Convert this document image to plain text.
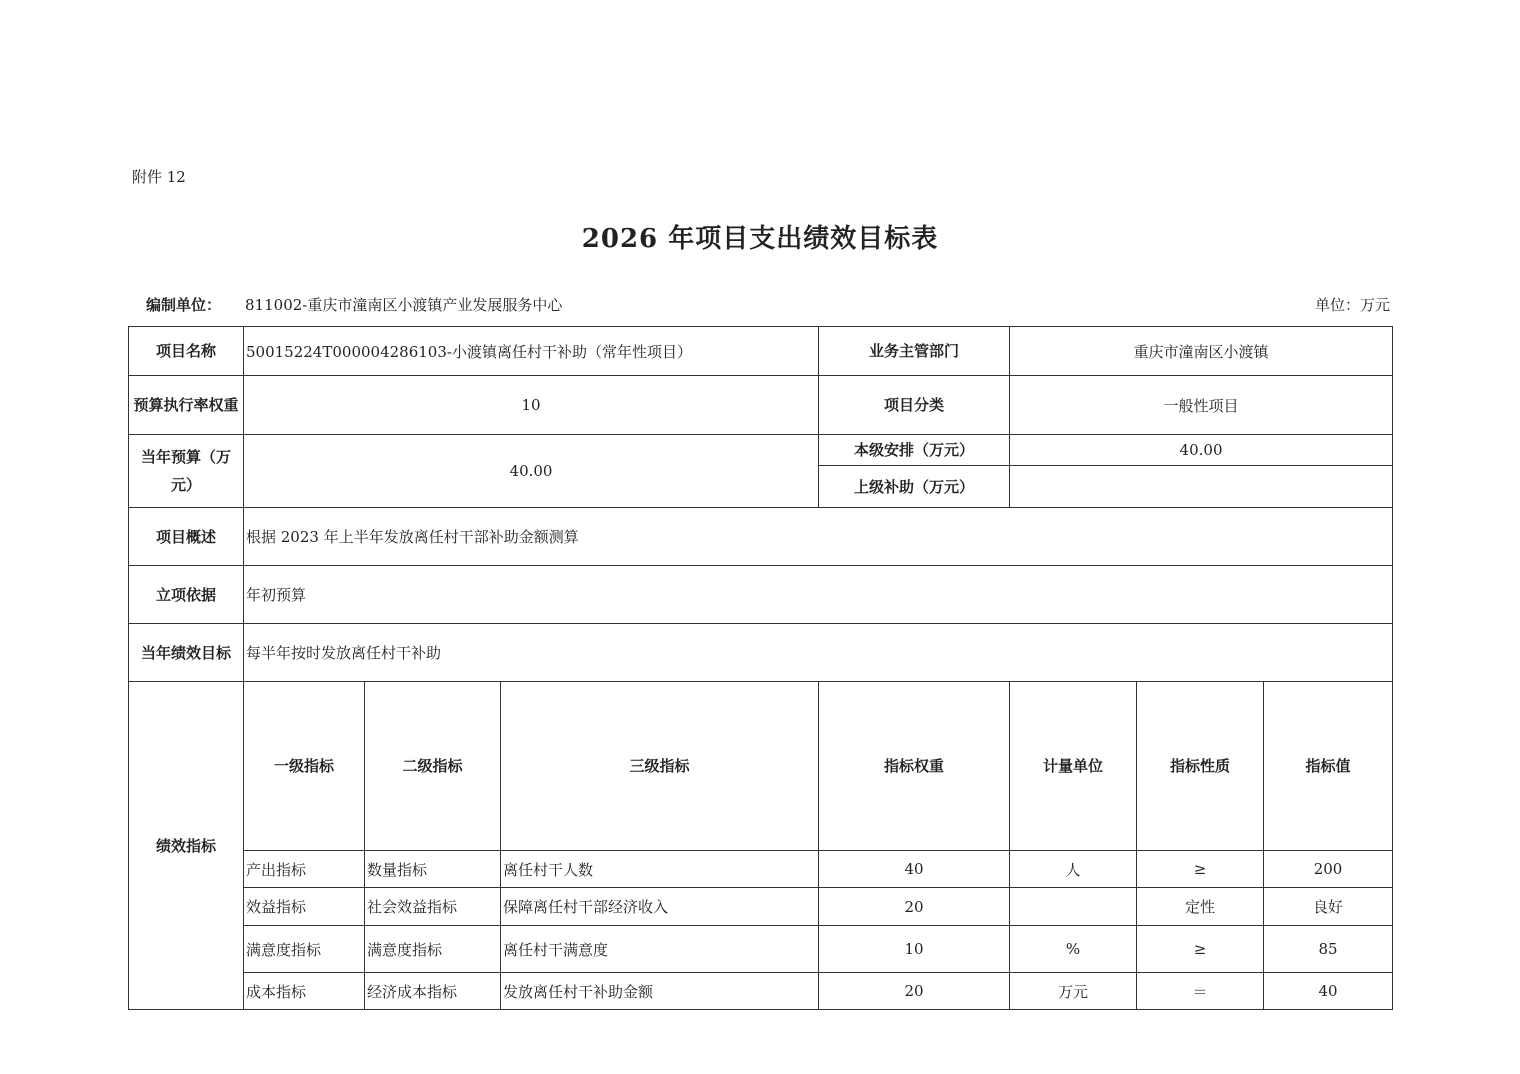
附件 12
2026 年项目支出绩效目标表
编制单位： 811002-重庆市潼南区小渡镇产业发展服务中心	单位：万元
项目名称	50015224T000004286103-小渡镇离任村干补助（常年性项目）			业务主管部门	重庆市潼南区小渡镇			
预算执行率权重	10			项目分类	一般性项目			
当年预算（万元）	40.00			本级安排（万元）	40.00			
				上级补助（万元）				
项目概述	根据 2023 年上半年发放离任村干部补助金额测算							
立项依据	年初预算							
当年绩效目标	每半年按时发放离任村干补助							
绩效指标	一级指标	二级指标	三级指标	指标权重	计量单位	指标性质	指标值	
	产出指标	数量指标	离任村干人数	40	人	≥	200	
	效益指标	社会效益指标	保障离任村干部经济收入	20		定性	良好	
	满意度指标	满意度指标	离任村干满意度	10	%	≥	85	
	成本指标	经济成本指标	发放离任村干补助金额	20	万元	＝	40	
